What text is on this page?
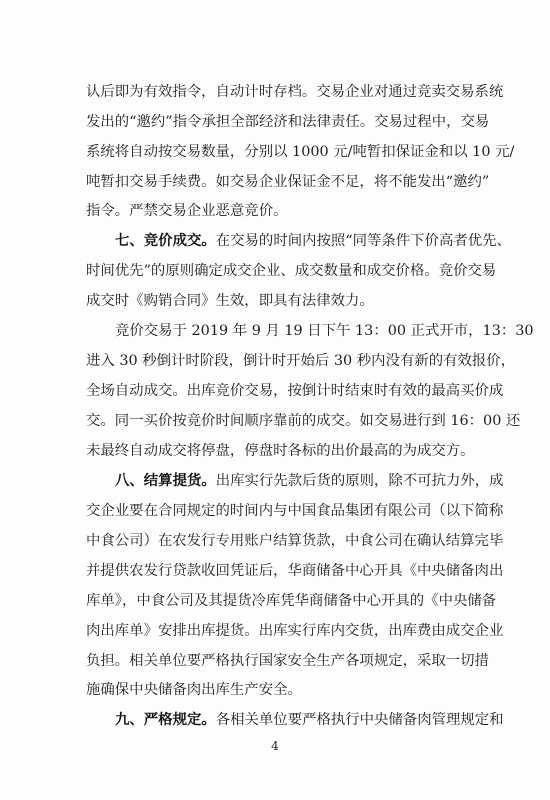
认后即为有效指令，自动计时存档。交易企业对通过竞卖交易系统
发出的“邀约”指令承担全部经济和法律责任。交易过程中，交易
系统将自动按交易数量，分别以 1000 元/吨暂扣保证金和以 10 元/
吨暂扣交易手续费。如交易企业保证金不足，将不能发出“邀约”
指令。严禁交易企业恶意竞价。
七、竞价成交。在交易的时间内按照“同等条件下价高者优先、
时间优先”的原则确定成交企业、成交数量和成交价格。竞价交易
成交时《购销合同》生效，即具有法律效力。
竞价交易于 2019 年 9 月 19 日下午 13：00 正式开市，13：30
进入 30 秒倒计时阶段，倒计时开始后 30 秒内没有新的有效报价，
全场自动成交。出库竞价交易，按倒计时结束时有效的最高买价成
交。同一买价按竞价时间顺序靠前的成交。如交易进行到 16：00 还
未最终自动成交将停盘，停盘时各标的出价最高的为成交方。
八、结算提货。出库实行先款后货的原则，除不可抗力外，成
交企业要在合同规定的时间内与中国食品集团有限公司（以下简称
中食公司）在农发行专用账户结算货款，中食公司在确认结算完毕
并提供农发行贷款收回凭证后，华商储备中心开具《中央储备肉出
库单》，中食公司及其提货冷库凭华商储备中心开具的《中央储备
肉出库单》安排出库提货。出库实行库内交货，出库费由成交企业
负担。相关单位要严格执行国家安全生产各项规定，采取一切措
施确保中央储备肉出库生产安全。
九、严格规定。各相关单位要严格执行中央储备肉管理规定和
4
